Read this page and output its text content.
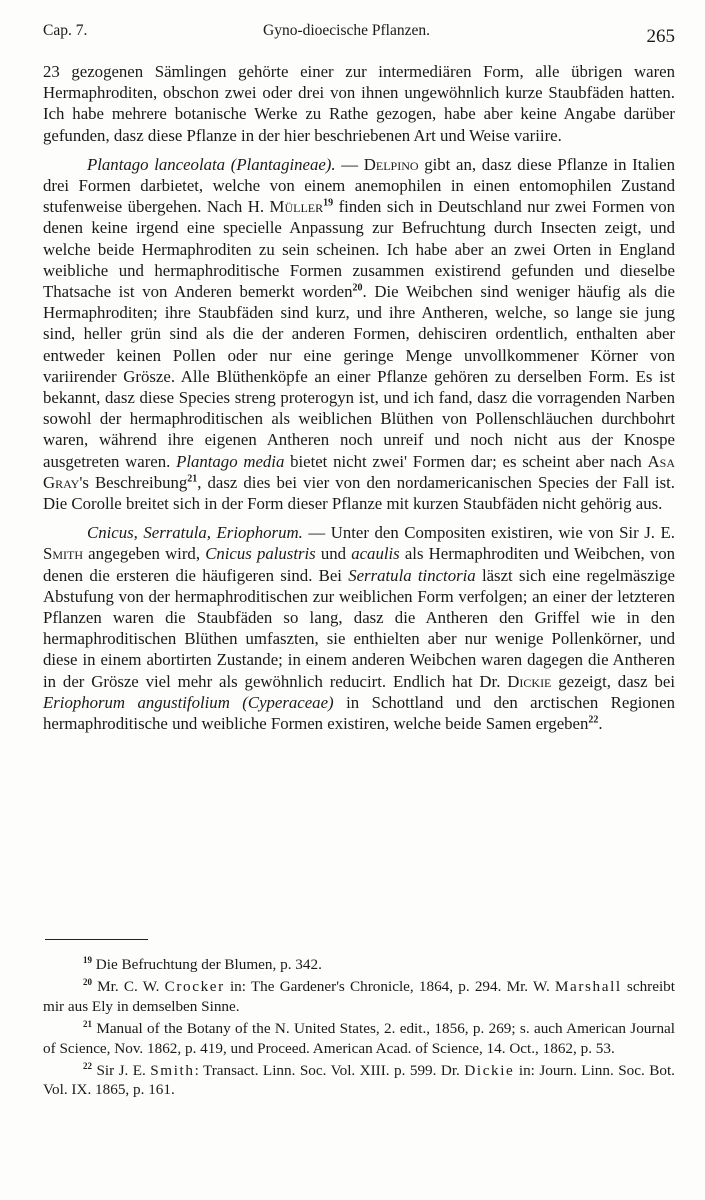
Cap. 7.	Gyno-dioecische Pflanzen.	265

23 gezogenen Sämlingen gehörte einer zur intermediären Form, alle übrigen waren Hermaphroditen, obschon zwei oder drei von ihnen ungewöhnlich kurze Staubfäden hatten. Ich habe mehrere botanische Werke zu Rathe gezogen, habe aber keine Angabe darüber gefunden, dasz diese Pflanze in der hier beschriebenen Art und Weise variire.

Plantago lanceolata (Plantagineae). — Delpino gibt an, dasz diese Pflanze in Italien drei Formen darbietet, welche von einem anemophilen in einen entomophilen Zustand stufenweise übergehen. Nach H. Müller$^{19}$ finden sich in Deutschland nur zwei Formen von denen keine irgend eine specielle Anpassung zur Befruchtung durch Insecten zeigt, und welche beide Hermaphroditen zu sein scheinen. Ich habe aber an zwei Orten in England weibliche und hermaphroditische Formen zusammen existirend gefunden und dieselbe Thatsache ist von Anderen bemerkt worden$^{20}$. Die Weibchen sind weniger häufig als die Hermaphroditen; ihre Staubfäden sind kurz, und ihre Antheren, welche, so lange sie jung sind, heller grün sind als die der anderen Formen, dehisciren ordentlich, enthalten aber entweder keinen Pollen oder nur eine geringe Menge unvollkommener Körner von variirender Grösze. Alle Blüthenköpfe an einer Pflanze gehören zu derselben Form. Es ist bekannt, dasz diese Species streng proterogyn ist, und ich fand, dasz die vorragenden Narben sowohl der hermaphroditischen als weiblichen Blüthen von Pollenschläuchen durchbohrt waren, während ihre eigenen Antheren noch unreif und noch nicht aus der Knospe ausgetreten waren. Plantago media bietet nicht zwei' Formen dar; es scheint aber nach Asa Gray's Beschreibung$^{21}$, dasz dies bei vier von den nordamericanischen Species der Fall ist. Die Corolle breitet sich in der Form dieser Pflanze mit kurzen Staubfäden nicht gehörig aus.

Cnicus, Serratula, Eriophorum. — Unter den Compositen existiren, wie von Sir J. E. Smith angegeben wird, Cnicus palustris und acaulis als Hermaphroditen und Weibchen, von denen die ersteren die häufigeren sind. Bei Serratula tinctoria läszt sich eine regelmäszige Abstufung von der hermaphroditischen zur weiblichen Form verfolgen; an einer der letzteren Pflanzen waren die Staubfäden so lang, dasz die Antheren den Griffel wie in den hermaphroditischen Blüthen umfaszten, sie enthielten aber nur wenige Pollenkörner, und diese in einem abortirten Zustande; in einem anderen Weibchen waren dagegen die Antheren in der Grösze viel mehr als gewöhnlich reducirt. Endlich hat Dr. Dickie gezeigt, dasz bei Eriophorum angustifolium (Cyperaceae) in Schottland und den arctischen Regionen hermaphroditische und weibliche Formen existiren, welche beide Samen ergeben$^{22}$.

$^{19}$ Die Befruchtung der Blumen, p. 342.

$^{20}$ Mr. C. W. Crocker in: The Gardener's Chronicle, 1864, p. 294. Mr. W. Marshall schreibt mir aus Ely in demselben Sinne.

$^{21}$ Manual of the Botany of the N. United States, 2. edit., 1856, p. 269; s. auch American Journal of Science, Nov. 1862, p. 419, und Proceed. American Acad. of Science, 14. Oct., 1862, p. 53.

$^{22}$ Sir J. E. Smith: Transact. Linn. Soc. Vol. XIII. p. 599. Dr. Dickie in: Journ. Linn. Soc. Bot. Vol. IX. 1865, p. 161.
